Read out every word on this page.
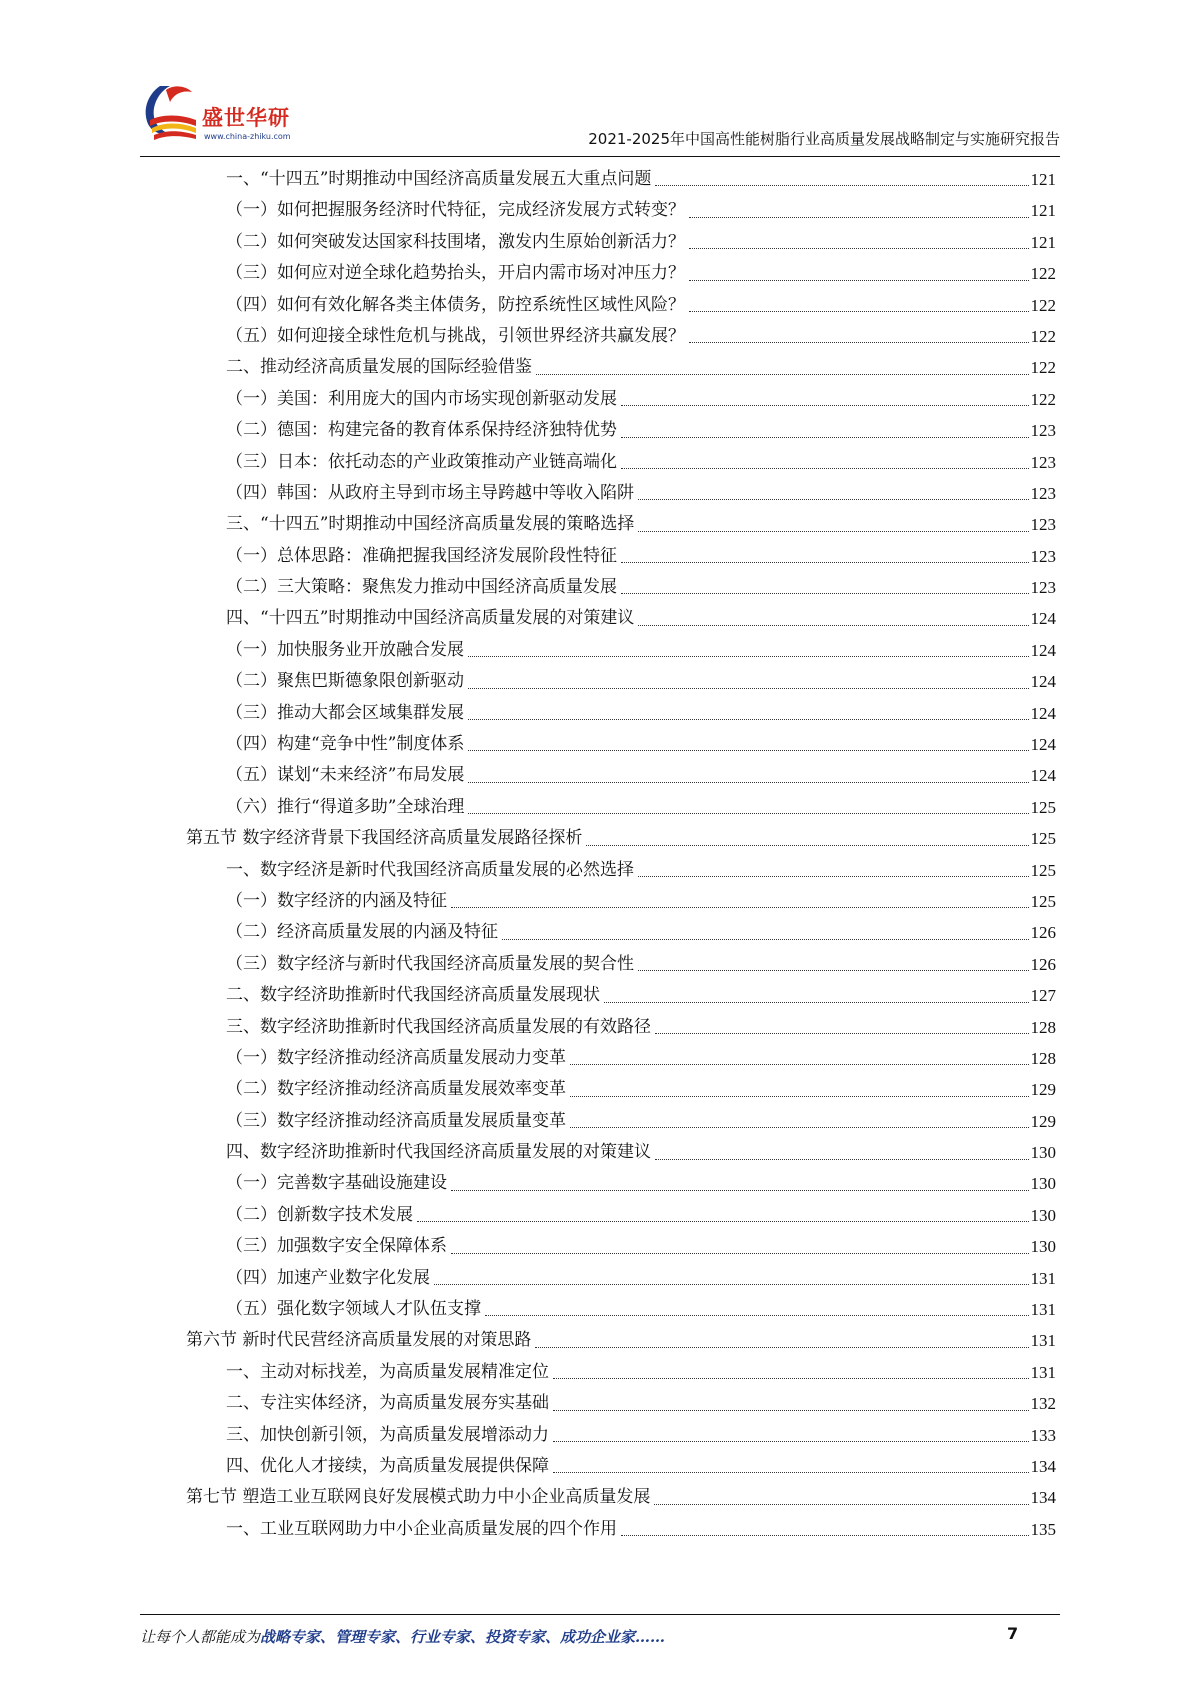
盛世华研
www.china-zhiku.com	2021-2025年中国高性能树脂行业高质量发展战略制定与实施研究报告
一、“十四五”时期推动中国经济高质量发展五大重点问题	121
（一）如何把握服务经济时代特征，完成经济发展方式转变？	121
（二）如何突破发达国家科技围堵，激发内生原始创新活力？	121
（三）如何应对逆全球化趋势抬头，开启内需市场对冲压力？	122
（四）如何有效化解各类主体债务，防控系统性区域性风险？	122
（五）如何迎接全球性危机与挑战，引领世界经济共赢发展？	122
二、推动经济高质量发展的国际经验借鉴	122
（一）美国：利用庞大的国内市场实现创新驱动发展	122
（二）德国：构建完备的教育体系保持经济独特优势	123
（三）日本：依托动态的产业政策推动产业链高端化	123
（四）韩国：从政府主导到市场主导跨越中等收入陷阱	123
三、“十四五”时期推动中国经济高质量发展的策略选择	123
（一）总体思路：准确把握我国经济发展阶段性特征	123
（二）三大策略：聚焦发力推动中国经济高质量发展	123
四、“十四五”时期推动中国经济高质量发展的对策建议	124
（一）加快服务业开放融合发展	124
（二）聚焦巴斯德象限创新驱动	124
（三）推动大都会区域集群发展	124
（四）构建“竞争中性”制度体系	124
（五）谋划“未来经济”布局发展	124
（六）推行“得道多助”全球治理	125
第五节 数字经济背景下我国经济高质量发展路径探析	125
一、数字经济是新时代我国经济高质量发展的必然选择	125
（一）数字经济的内涵及特征	125
（二）经济高质量发展的内涵及特征	126
（三）数字经济与新时代我国经济高质量发展的契合性	126
二、数字经济助推新时代我国经济高质量发展现状	127
三、数字经济助推新时代我国经济高质量发展的有效路径	128
（一）数字经济推动经济高质量发展动力变革	128
（二）数字经济推动经济高质量发展效率变革	129
（三）数字经济推动经济高质量发展质量变革	129
四、数字经济助推新时代我国经济高质量发展的对策建议	130
（一）完善数字基础设施建设	130
（二）创新数字技术发展	130
（三）加强数字安全保障体系	130
（四）加速产业数字化发展	131
（五）强化数字领域人才队伍支撑	131
第六节 新时代民营经济高质量发展的对策思路	131
一、主动对标找差，为高质量发展精准定位	131
二、专注实体经济，为高质量发展夯实基础	132
三、加快创新引领，为高质量发展增添动力	133
四、优化人才接续，为高质量发展提供保障	134
第七节 塑造工业互联网良好发展模式助力中小企业高质量发展	134
一、工业互联网助力中小企业高质量发展的四个作用	135
让每个人都能成为战略专家、管理专家、行业专家、投资专家、成功企业家……	7
